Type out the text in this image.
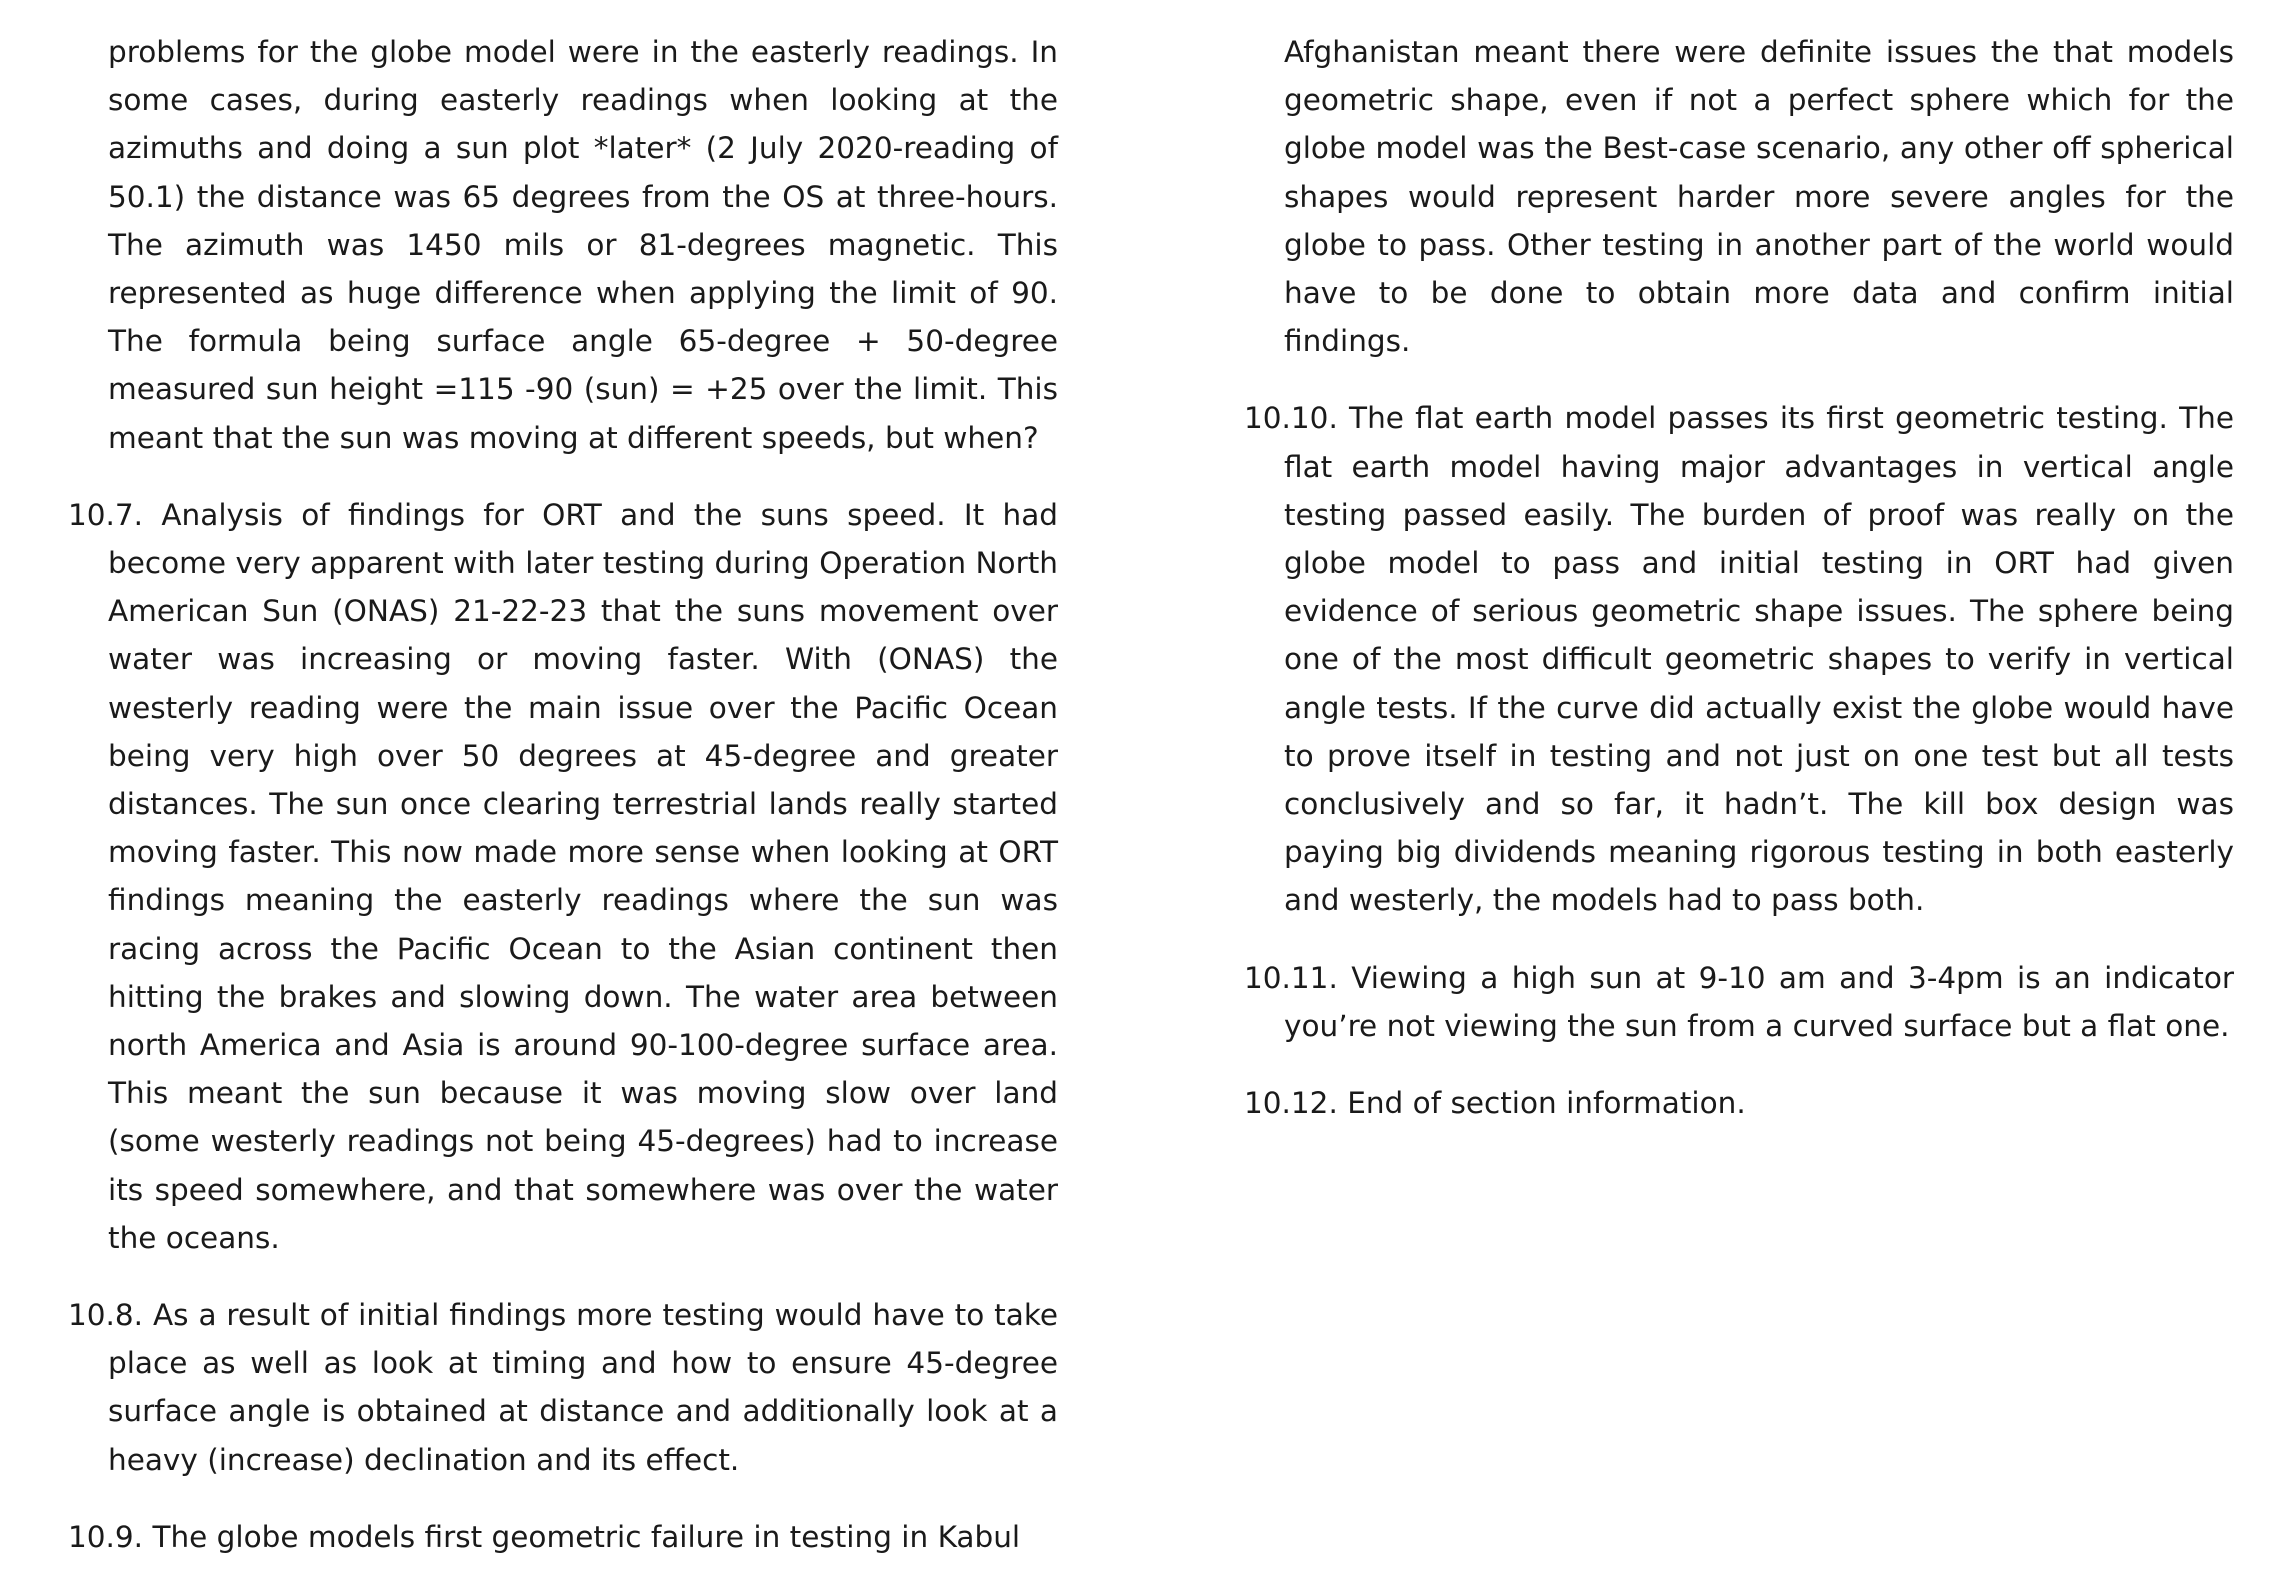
problems for the globe model were in the easterly readings. In some cases, during easterly readings when looking at the azimuths and doing a sun plot *later* (2 July 2020-reading of 50.1) the distance was 65 degrees from the OS at three-hours. The azimuth was 1450 mils or 81-degrees magnetic. This represented as huge difference when applying the limit of 90. The formula being surface angle 65-degree + 50-degree measured sun height =115 -90 (sun) = +25 over the limit. This meant that the sun was moving at different speeds, but when?

10.7. Analysis of findings for ORT and the suns speed. It had become very apparent with later testing during Operation North American Sun (ONAS) 21-22-23 that the suns movement over water was increasing or moving faster. With (ONAS) the westerly reading were the main issue over the Pacific Ocean being very high over 50 degrees at 45-degree and greater distances. The sun once clearing terrestrial lands really started moving faster. This now made more sense when looking at ORT findings meaning the easterly readings where the sun was racing across the Pacific Ocean to the Asian continent then hitting the brakes and slowing down. The water area between north America and Asia is around 90-100-degree surface area. This meant the sun because it was moving slow over land (some westerly readings not being 45-degrees) had to increase its speed somewhere, and that somewhere was over the water the oceans.

10.8. As a result of initial findings more testing would have to take place as well as look at timing and how to ensure 45-degree surface angle is obtained at distance and additionally look at a heavy (increase) declination and its effect.

10.9. The globe models first geometric failure in testing in Kabul

Afghanistan meant there were definite issues the that models geometric shape, even if not a perfect sphere which for the globe model was the Best-case scenario, any other off spherical shapes would represent harder more severe angles for the globe to pass. Other testing in another part of the world would have to be done to obtain more data and confirm initial findings.

10.10. The flat earth model passes its first geometric testing. The flat earth model having major advantages in vertical angle testing passed easily. The burden of proof was really on the globe model to pass and initial testing in ORT had given evidence of serious geometric shape issues. The sphere being one of the most difficult geometric shapes to verify in vertical angle tests. If the curve did actually exist the globe would have to prove itself in testing and not just on one test but all tests conclusively and so far, it hadn’t. The kill box design was paying big dividends meaning rigorous testing in both easterly and westerly, the models had to pass both.

10.11. Viewing a high sun at 9-10 am and 3-4pm is an indicator you’re not viewing the sun from a curved surface but a flat one.

10.12. End of section information.
